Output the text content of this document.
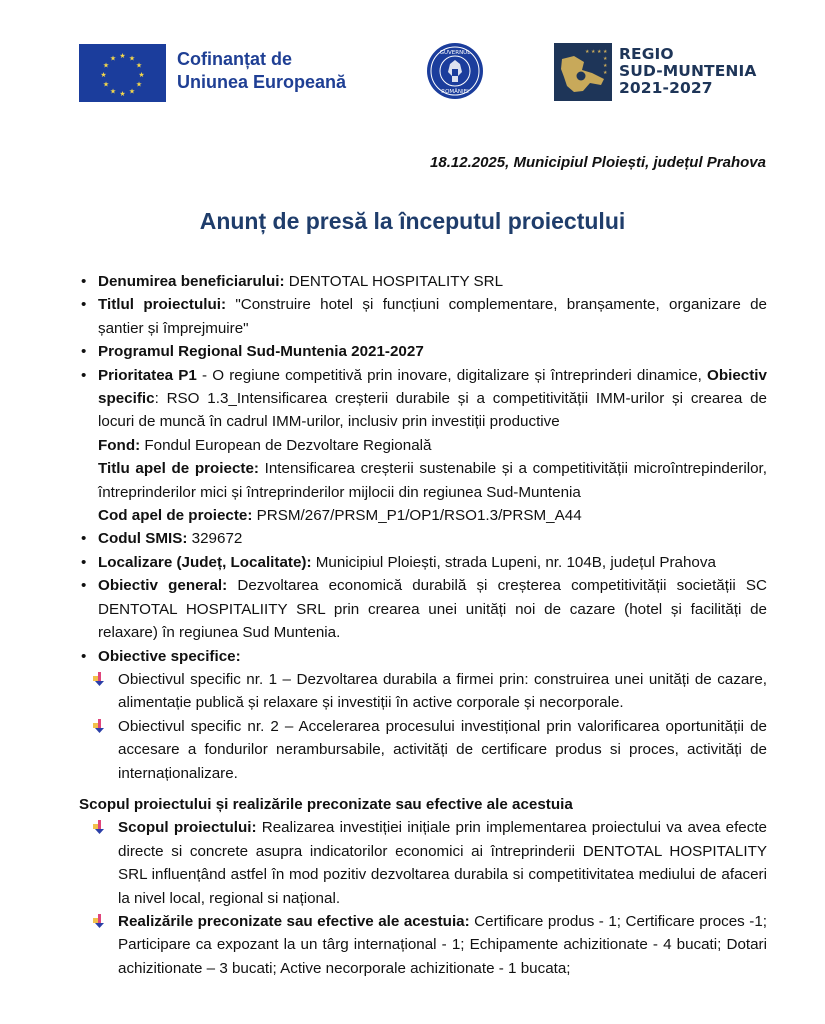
★ ★
★
★
★
★
★
★
★
★
★
★	Cofinanțat de
Uniunea Europeană
GUVERNUL
ROMÂNIEI
★ ★ ★ ★
★
★
★
REGIO
SUD-MUNTENIA
2021-2027
18.12.2025, Municipiul Ploiești, județul Prahova
Anunț de presă la începutul proiectului
• Denumirea beneficiarului: DENTOTAL HOSPITALITY SRL
• Titlul proiectului: "Construire hotel și funcțiuni complementare, branșamente, organizare de șantier și împrejmuire"
• Programul Regional Sud-Muntenia 2021-2027
• Prioritatea P1 - O regiune competitivă prin inovare, digitalizare și întreprinderi dinamice, Obiectiv specific: RSO 1.3_Intensificarea creșterii durabile și a competitivității IMM-urilor și crearea de locuri de muncă în cadrul IMM-urilor, inclusiv prin investiții productive
Fond: Fondul European de Dezvoltare Regională
Titlu apel de proiecte: Intensificarea creșterii sustenabile și a competitivității microîntrepinderilor, întreprinderilor mici și întreprinderilor mijlocii din regiunea Sud-Muntenia
Cod apel de proiecte: PRSM/267/PRSM_P1/OP1/RSO1.3/PRSM_A44
• Codul SMIS: 329672
• Localizare (Județ, Localitate): Municipiul Ploiești, strada Lupeni, nr. 104B, județul Prahova
• Obiectiv general: Dezvoltarea economică durabilă și creșterea competitivității societății SC DENTOTAL HOSPITALIITY SRL prin crearea unei unități noi de cazare (hotel și facilități de relaxare) în regiunea Sud Muntenia.
• Obiective specifice:
Obiectivul specific nr. 1 – Dezvoltarea durabila a firmei prin: construirea unei unități de cazare, alimentație publică și relaxare și investiții în active corporale și necorporale.
Obiectivul specific nr. 2 – Accelerarea procesului investițional prin valorificarea oportunității de accesare a fondurilor nerambursabile, activități de certificare produs si proces, activități de internaționalizare.

Scopul proiectului și realizările preconizate sau efective ale acestuia

Scopul proiectului: Realizarea investiției inițiale prin implementarea proiectului va avea efecte directe si concrete asupra indicatorilor economici ai întreprinderii DENTOTAL HOSPITALITY SRL influențând astfel în mod pozitiv dezvoltarea durabila si competitivitatea mediului de afaceri la nivel local, regional si național.
Realizările preconizate sau efective ale acestuia: Certificare produs ‐ 1; Certificare proces -1; Participare ca expozant la un târg internațional ‐ 1; Echipamente achizitionate - 4 bucati; Dotari achizitionate – 3 bucati; Active necorporale achizitionate - 1 bucata;
